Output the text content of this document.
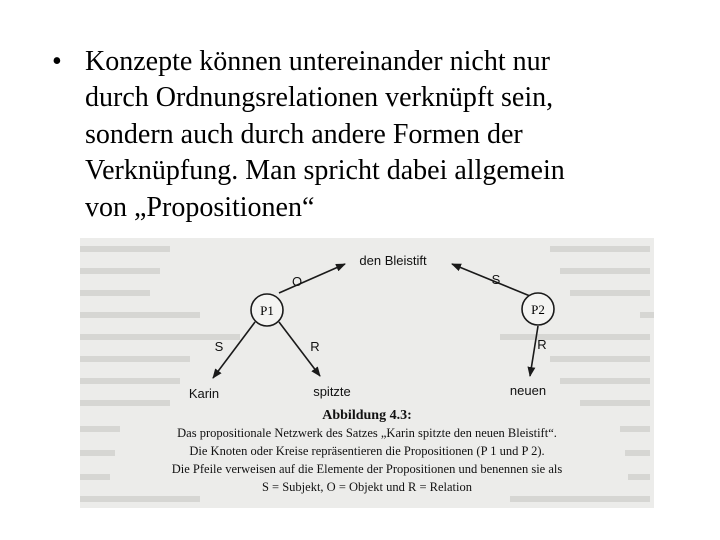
• Konzepte können untereinander nicht nur
durch Ordnungsrelationen verknüpft sein,
sondern auch durch andere Formen der
Verknüpfung. Man spricht dabei allgemein
von „Propositionen“
P1	P2
den Bleistift
Karin	spitzte	neuen
O	S
S	R	R
Abbildung 4.3:
Das propositionale Netzwerk des Satzes „Karin spitzte den neuen Bleistift“.
Die Knoten oder Kreise repräsentieren die Propositionen (P 1 und P 2).
Die Pfeile verweisen auf die Elemente der Propositionen und benennen sie als
S = Subjekt, O = Objekt und R = Relation
